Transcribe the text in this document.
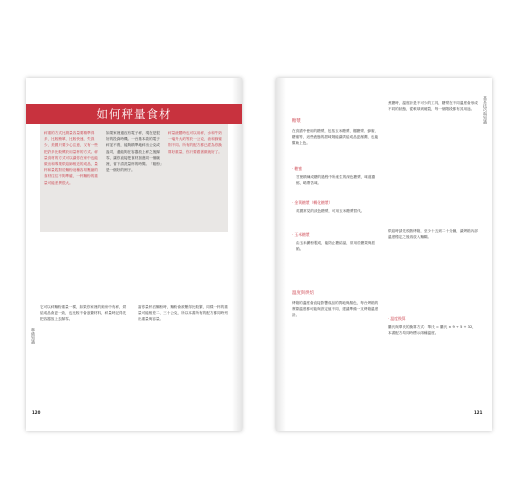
如何秤量食材

秤重的方式比測量容量要精準得多，比較簡單，比較快速，失誤少，美國只要少心注意，又有一些把許多比較慣於用量杯的方式。秤量食材的方式可以讓你在家中也能做出和專業烘焙師相近的成品，量杯和量匙對於麵粉這種容易壓縮的食材往往不夠準確，一杯麵粉的重量可能差異很大。

如果家裡還沒有電子秤，現在是很好的投資時機。一台基本款的電子秤並不貴，能夠精準地秤出公克或盎司，還能夠在容器放上秤之後歸零，讓你直接把食材加進同一個碗裡，省下清洗量杯的時間。「粗粉」是一個好的例子。

秤量液體時也可以用秤，水和牛奶一毫升大約等於一公克，油和蜂蜜則不同。所有的配方都已經為你換算好重量，你只要跟著做就好了。

它可以秤麵粉重量一樣，如果你家裡的廚房中有秤，烘焙成品會更一致，也比較不會浪費材料，秤量時記得先把容器放上去歸零。

當你量杯舀麵粉時，麵粉會被壓得比較緊，同樣一杯的重量可能相差二、三十公克，所以本書所有的配方都同時列出重量與容量。

準備知識
120

糖漿

在食譜中使用的糖漿，包括玉米糖漿、楓糖漿、蜂蜜、糖蜜等，這些液態的甜味劑能讓烘焙成品更濕潤，也能幫助上色。

‧ 糖蜜

甘蔗精煉成糖的過程中所產生的深色糖漿，味道濃郁，略帶苦味。

‧ 金黃糖漿（轉化糖漿）

英國常見的淡色糖漿，可用玉米糖漿替代。

‧ 玉米糖漿

由玉米澱粉製成，能防止糖結晶，常用於糖果與派餡。

溫度與烘焙

烤箱的溫度會直接影響成品的質地與顏色，每台烤箱的實際溫度都可能與設定值不同，建議準備一支烤箱溫度計。

煮糖時，溫度計是不可少的工具，糖漿在不同溫度會形成不同的狀態，從軟球到硬裂，每一個階段都有其用途。

烘焙時請先預熱烤箱，至少十五到二十分鐘，讓烤箱內部溫度穩定之後再放入麵糊。

‧ 溫度換算

攝氏與華氏的換算方式：華氏 = 攝氏 × 9 ÷ 5 + 32，本書配方均同時標示兩種溫度。

基本技巧與知識
121
